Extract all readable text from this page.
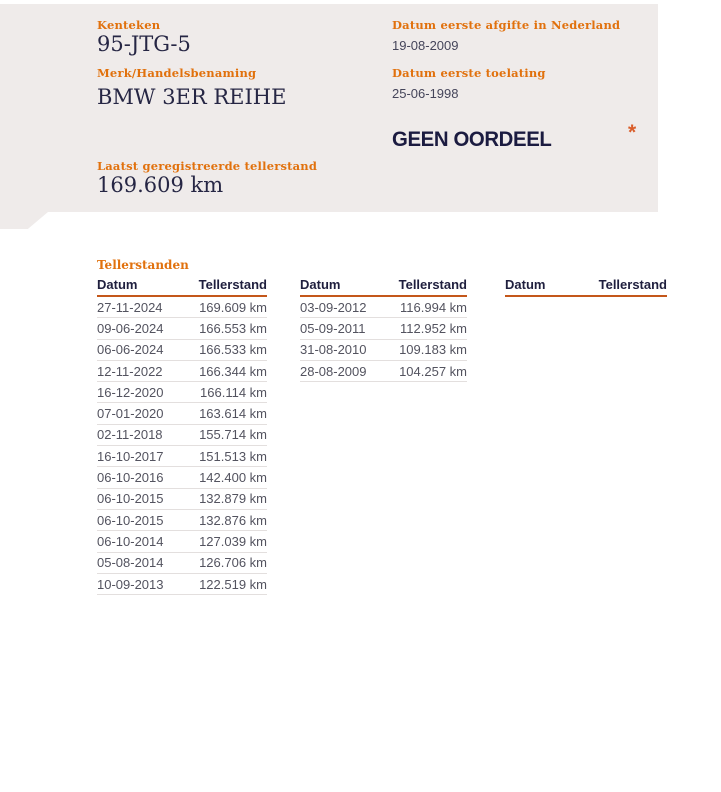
Kenteken
95-JTG-5
Merk/Handelsbenaming
BMW 3ER REIHE
Datum eerste afgifte in Nederland
19-08-2009
Datum eerste toelating
25-06-1998
GEEN OORDEEL	*
Laatst geregistreerde tellerstand
169.609 km
Tellerstanden
Datum	Tellerstand
27-11-2024	169.609 km
09-06-2024	166.553 km
06-06-2024	166.533 km
12-11-2022	166.344 km
16-12-2020	166.114 km
07-01-2020	163.614 km
02-11-2018	155.714 km
16-10-2017	151.513 km
06-10-2016	142.400 km
06-10-2015	132.879 km
06-10-2015	132.876 km
06-10-2014	127.039 km
05-08-2014	126.706 km
10-09-2013	122.519 km
Datum	Tellerstand
03-09-2012	116.994 km
05-09-2011	112.952 km
31-08-2010	109.183 km
28-08-2009	104.257 km
Datum	Tellerstand
